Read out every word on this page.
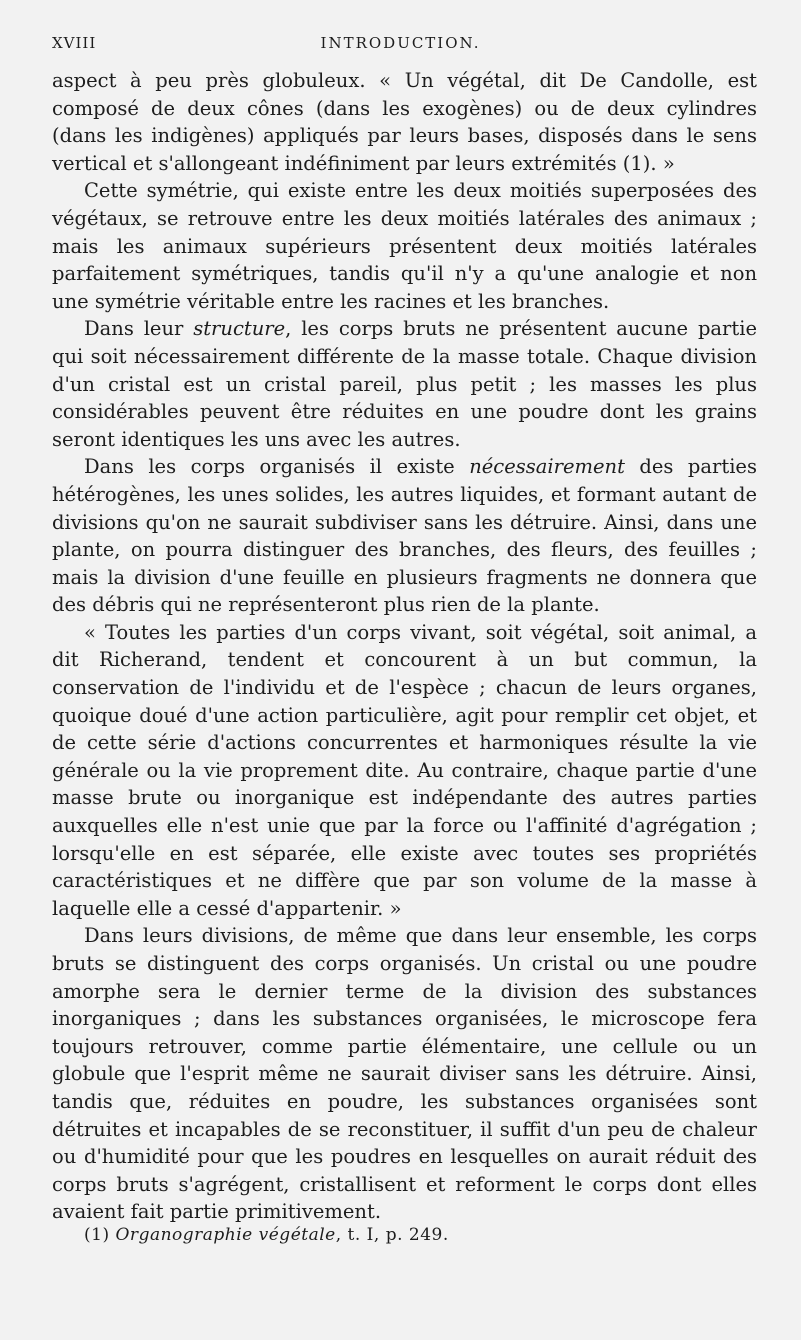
XVIII	INTRODUCTION.

aspect à peu près globuleux. « Un végétal, dit De Candolle, est composé de deux cônes (dans les exogènes) ou de deux cylindres (dans les indigènes) appliqués par leurs bases, disposés dans le sens vertical et s'allongeant indéfiniment par leurs extrémités (1). »

Cette symétrie, qui existe entre les deux moitiés superposées des végétaux, se retrouve entre les deux moitiés latérales des animaux ; mais les animaux supérieurs présentent deux moitiés latérales parfaitement symétriques, tandis qu'il n'y a qu'une analogie et non une symétrie véritable entre les racines et les branches.

Dans leur structure, les corps bruts ne présentent aucune partie qui soit nécessairement différente de la masse totale. Chaque division d'un cristal est un cristal pareil, plus petit ; les masses les plus considérables peuvent être réduites en une poudre dont les grains seront identiques les uns avec les autres.

Dans les corps organisés il existe nécessairement des parties hétérogènes, les unes solides, les autres liquides, et formant autant de divisions qu'on ne saurait subdiviser sans les détruire. Ainsi, dans une plante, on pourra distinguer des branches, des fleurs, des feuilles ; mais la division d'une feuille en plusieurs fragments ne donnera que des débris qui ne représenteront plus rien de la plante.

« Toutes les parties d'un corps vivant, soit végétal, soit animal, a dit Richerand, tendent et concourent à un but commun, la conservation de l'individu et de l'espèce ; chacun de leurs organes, quoique doué d'une action particulière, agit pour remplir cet objet, et de cette série d'actions concurrentes et harmoniques résulte la vie générale ou la vie proprement dite. Au contraire, chaque partie d'une masse brute ou inorganique est indépendante des autres parties auxquelles elle n'est unie que par la force ou l'affinité d'agrégation ; lorsqu'elle en est séparée, elle existe avec toutes ses propriétés caractéristiques et ne diffère que par son volume de la masse à laquelle elle a cessé d'appartenir. »

Dans leurs divisions, de même que dans leur ensemble, les corps bruts se distinguent des corps organisés. Un cristal ou une poudre amorphe sera le dernier terme de la division des substances inorganiques ; dans les substances organisées, le microscope fera toujours retrouver, comme partie élémentaire, une cellule ou un globule que l'esprit même ne saurait diviser sans les détruire. Ainsi, tandis que, réduites en poudre, les substances organisées sont détruites et incapables de se reconstituer, il suffit d'un peu de chaleur ou d'humidité pour que les poudres en lesquelles on aurait réduit des corps bruts s'agrégent, cristallisent et reforment le corps dont elles avaient fait partie primitivement.

(1) Organographie végétale, t. I, p. 249.
